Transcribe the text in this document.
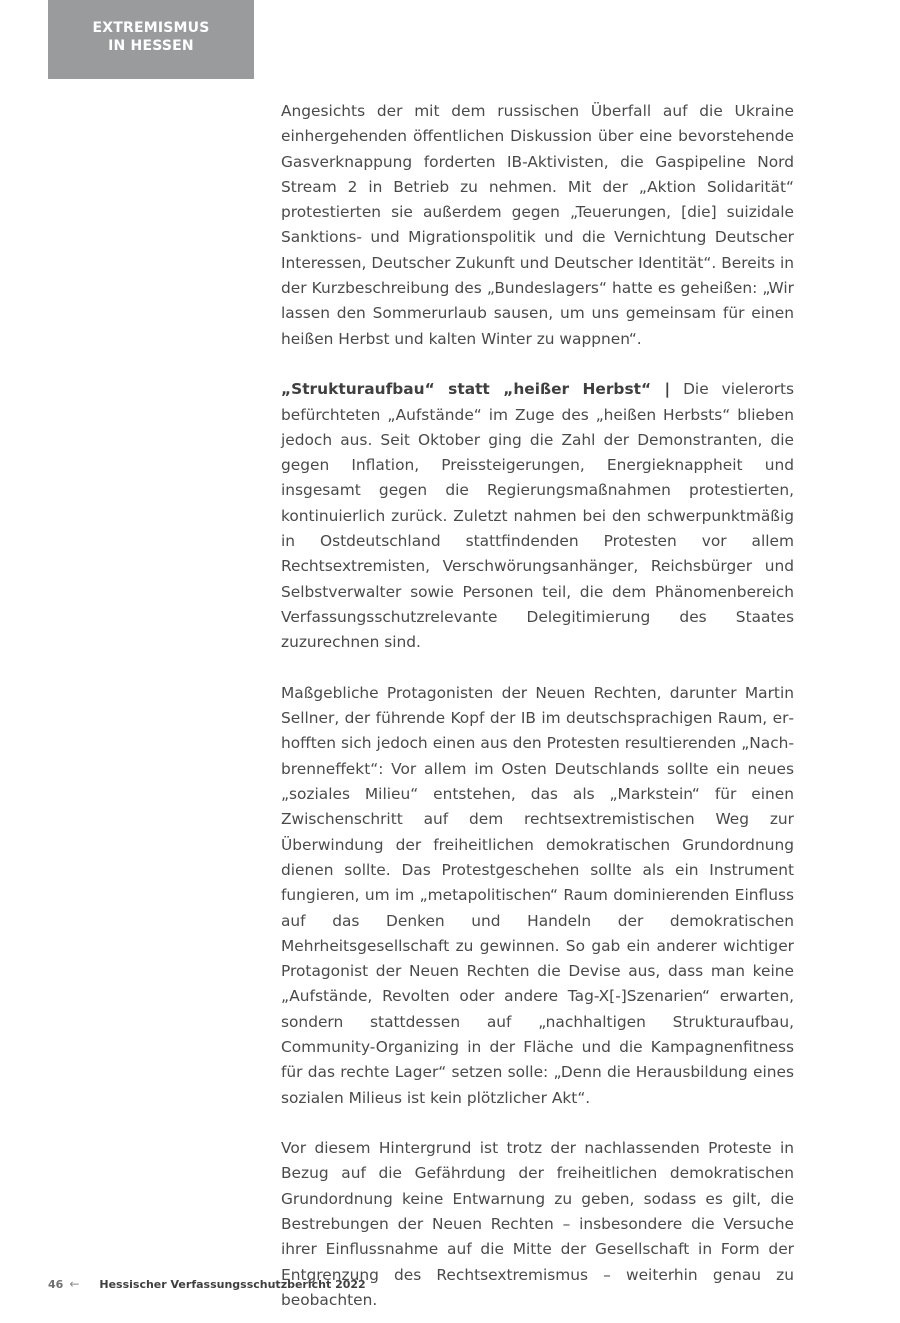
EXTREMISMUS
IN HESSEN

Angesichts der mit dem russischen Überfall auf die Ukraine einhergehenden öffentlichen Diskussion über eine bevorstehende Gasverknappung forderten IB-Aktivisten, die Gaspipeline Nord Stream 2 in Betrieb zu nehmen. Mit der „Aktion Solidarität“ protestierten sie außerdem gegen „Teuerungen, [die] suizidale Sanktions- und Migrationspolitik und die Vernichtung Deutscher Interessen, Deutscher Zukunft und Deutscher Identität“. Bereits in der Kurzbeschreibung des „Bundeslagers“ hatte es geheißen: „Wir lassen den Sommerurlaub sausen, um uns gemeinsam für einen heißen Herbst und kalten Winter zu wappnen“.

„Strukturaufbau“ statt „heißer Herbst“ | Die vielerorts befürchteten „Aufstände“ im Zuge des „heißen Herbsts“ blieben jedoch aus. Seit Oktober ging die Zahl der Demonstranten, die gegen Inflation, Preissteigerungen, Energieknappheit und insgesamt gegen die Regierungsmaßnahmen protestierten, kontinuierlich zurück. Zuletzt nahmen bei den schwerpunktmäßig in Ostdeutschland stattfindenden Protesten vor allem Rechtsextremisten, Verschwörungsanhänger, Reichsbürger und Selbstverwalter sowie Personen teil, die dem Phänomenbereich Verfassungsschutzrelevante Delegitimierung des Staates zuzurechnen sind.

Maßgebliche Protagonisten der Neuen Rechten, darunter Martin Sellner, der führende Kopf der IB im deutschsprachigen Raum, erhofften sich jedoch einen aus den Protesten resultierenden „Nachbrenneffekt“: Vor allem im Osten Deutschlands sollte ein neues „soziales Milieu“ entstehen, das als „Markstein“ für einen Zwischenschritt auf dem rechtsextremistischen Weg zur Überwindung der freiheitlichen demokratischen Grundordnung dienen sollte. Das Protestgeschehen sollte als ein Instrument fungieren, um im „metapolitischen“ Raum dominierenden Einfluss auf das Denken und Handeln der demokratischen Mehrheitsgesellschaft zu gewinnen. So gab ein anderer wichtiger Protagonist der Neuen Rechten die Devise aus, dass man keine „Aufstände, Revolten oder andere Tag-X[-]Szenarien“ erwarten, sondern stattdessen auf „nachhaltigen Strukturaufbau, Community-Organizing in der Fläche und die Kampagnenfitness für das rechte Lager“ setzen solle: „Denn die Herausbildung eines sozialen Milieus ist kein plötzlicher Akt“.

Vor diesem Hintergrund ist trotz der nachlassenden Proteste in Bezug auf die Gefährdung der freiheitlichen demokratischen Grundordnung keine Entwarnung zu geben, sodass es gilt, die Bestrebungen der Neuen Rechten – insbesondere die Versuche ihrer Einflussnahme auf die Mitte der Gesellschaft in Form der Entgrenzung des Rechtsextremismus – weiterhin genau zu beobachten.

46 ← Hessischer Verfassungsschutzbericht 2022
